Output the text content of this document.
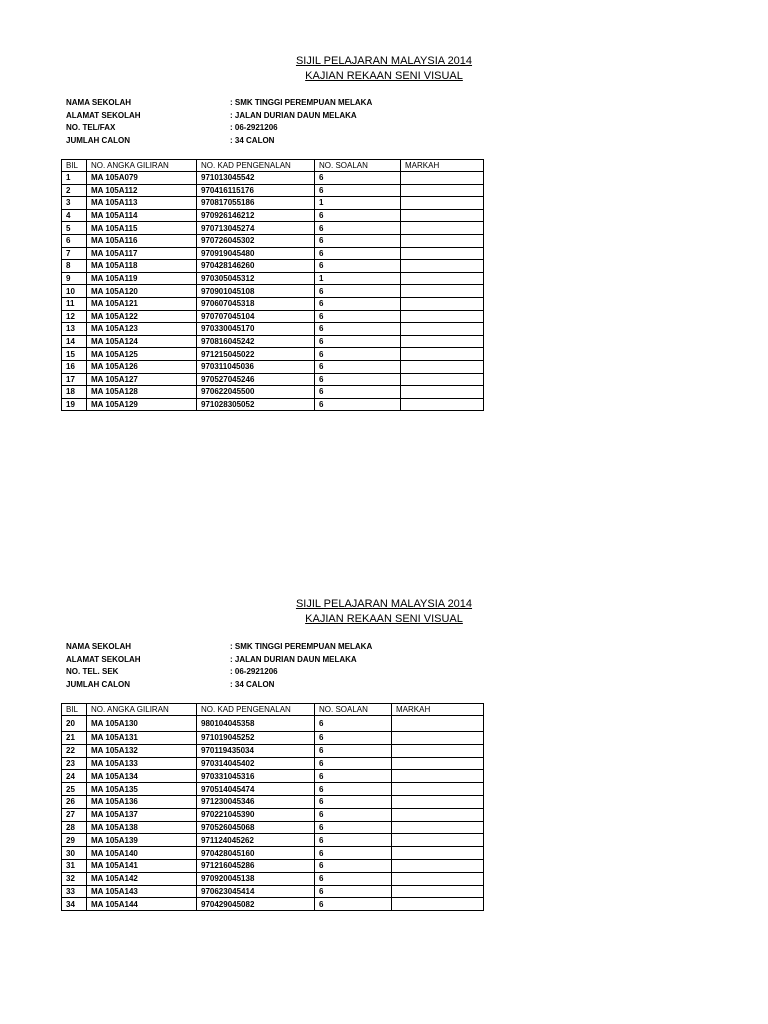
SIJIL PELAJARAN MALAYSIA 2014
KAJIAN REKAAN SENI VISUAL
NAMA SEKOLAH	: SMK TINGGI PEREMPUAN MELAKA
ALAMAT SEKOLAH	: JALAN DURIAN DAUN MELAKA
NO. TEL/FAX	: 06-2921206
JUMLAH CALON	: 34 CALON
BIL	NO. ANGKA GILIRAN	NO. KAD PENGENALAN	NO. SOALAN	MARKAH
1	MA 105A079	971013045542	6	
2	MA 105A112	970416115176	6	
3	MA 105A113	970817055186	1	
4	MA 105A114	970926146212	6	
5	MA 105A115	970713045274	6	
6	MA 105A116	970726045302	6	
7	MA 105A117	970919045480	6	
8	MA 105A118	970428146260	6	
9	MA 105A119	970305045312	1	
10	MA 105A120	970901045108	6	
11	MA 105A121	970607045318	6	
12	MA 105A122	970707045104	6	
13	MA 105A123	970330045170	6	
14	MA 105A124	970816045242	6	
15	MA 105A125	971215045022	6	
16	MA 105A126	970311045036	6	
17	MA 105A127	970527045246	6	
18	MA 105A128	970622045500	6	
19	MA 105A129	971028305052	6	
SIJIL PELAJARAN MALAYSIA 2014
KAJIAN REKAAN SENI VISUAL
NAMA SEKOLAH	: SMK TINGGI PEREMPUAN MELAKA
ALAMAT SEKOLAH	: JALAN DURIAN DAUN MELAKA
NO. TEL. SEK	: 06-2921206
JUMLAH CALON	: 34 CALON
BIL	NO. ANGKA GILIRAN	NO. KAD PENGENALAN	NO. SOALAN	MARKAH
20	MA 105A130	980104045358	6	
21	MA 105A131	971019045252	6	
22	MA 105A132	970119435034	6	
23	MA 105A133	970314045402	6	
24	MA 105A134	970331045316	6	
25	MA 105A135	970514045474	6	
26	MA 105A136	971230045346	6	
27	MA 105A137	970221045390	6	
28	MA 105A138	970526045068	6	
29	MA 105A139	971124045262	6	
30	MA 105A140	970428045160	6	
31	MA 105A141	971216045286	6	
32	MA 105A142	970920045138	6	
33	MA 105A143	970623045414	6	
34	MA 105A144	970429045082	6	
